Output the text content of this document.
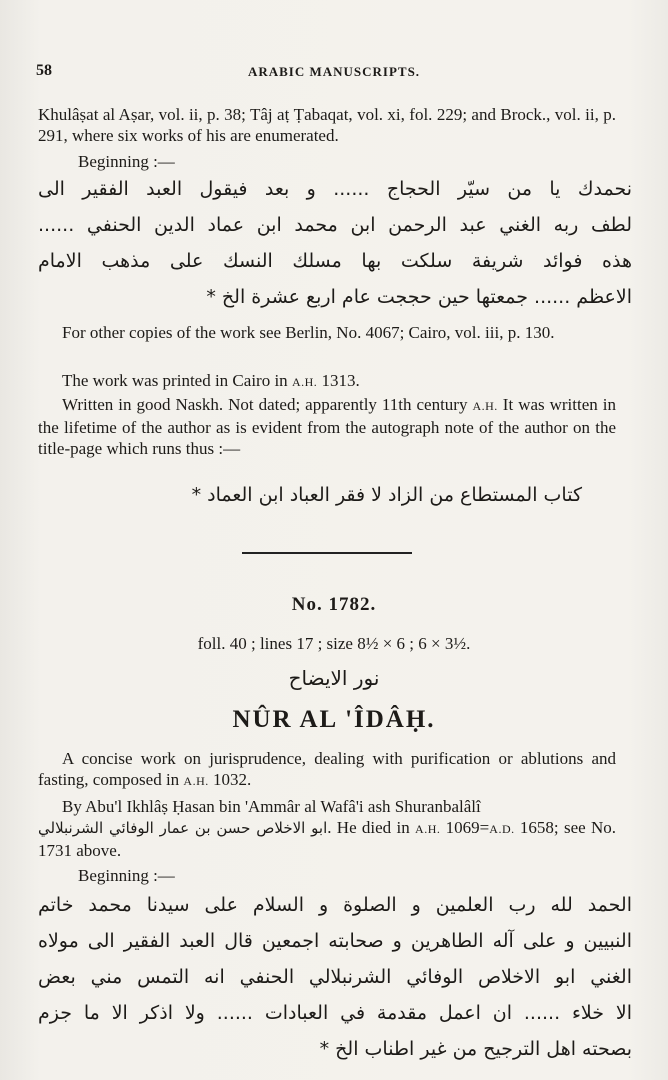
58	ARABIC MANUSCRIPTS.
Khulâṣat al Aṣar, vol. ii, p. 38; Tâj aṭ Ṭabaqat, vol. xi, fol. 229; and Brock., vol. ii, p. 291, where six works of his are enumerated.
Beginning :—
نحمدك يا من سيّر الحجاج ...... و بعد فيقول العبد الفقير الى
لطف ربه الغني عبد الرحمن ابن محمد ابن عماد الدين الحنفي ......
هذه فوائد شريفة سلكت بها مسلك النسك على مذهب الامام
الاعظم ...... جمعتها حين حججت عام اربع عشرة الخ *
For other copies of the work see Berlin, No. 4067; Cairo, vol. iii, p. 130.
The work was printed in Cairo in A.H. 1313.
Written in good Naskh. Not dated; apparently 11th century A.H. It was written in the lifetime of the author as is evident from the autograph note of the author on the title-page which runs thus :—
كتاب المستطاع من الزاد لا فقر العباد ابن العماد *
No. 1782.
foll. 40 ; lines 17 ; size 8½ × 6 ; 6 × 3½.
نور الايضاح
NÛR AL 'ÎDÂḤ.
A concise work on jurisprudence, dealing with purification or ablutions and fasting, composed in A.H. 1032.
By Abu'l Ikhlâṣ Ḥasan bin 'Ammâr al Wafâ'i ash Shuranbalâlî
ابو الاخلاص حسن بن عمار الوفائي الشرنبلالي. He died in A.H. 1069=A.D. 1658; see No. 1731 above.
Beginning :—
الحمد لله رب العلمين و الصلوة و السلام على سيدنا محمد خاتم
النبيين و على آله الطاهرين و صحابته اجمعين قال العبد الفقير الى مولاه
الغني ابو الاخلاص الوفائي الشرنبلالي الحنفي انه التمس مني بعض
الا خلاء ...... ان اعمل مقدمة في العبادات ...... ولا اذكر الا ما جزم
بصحته اهل الترجيح من غير اطناب الخ *
